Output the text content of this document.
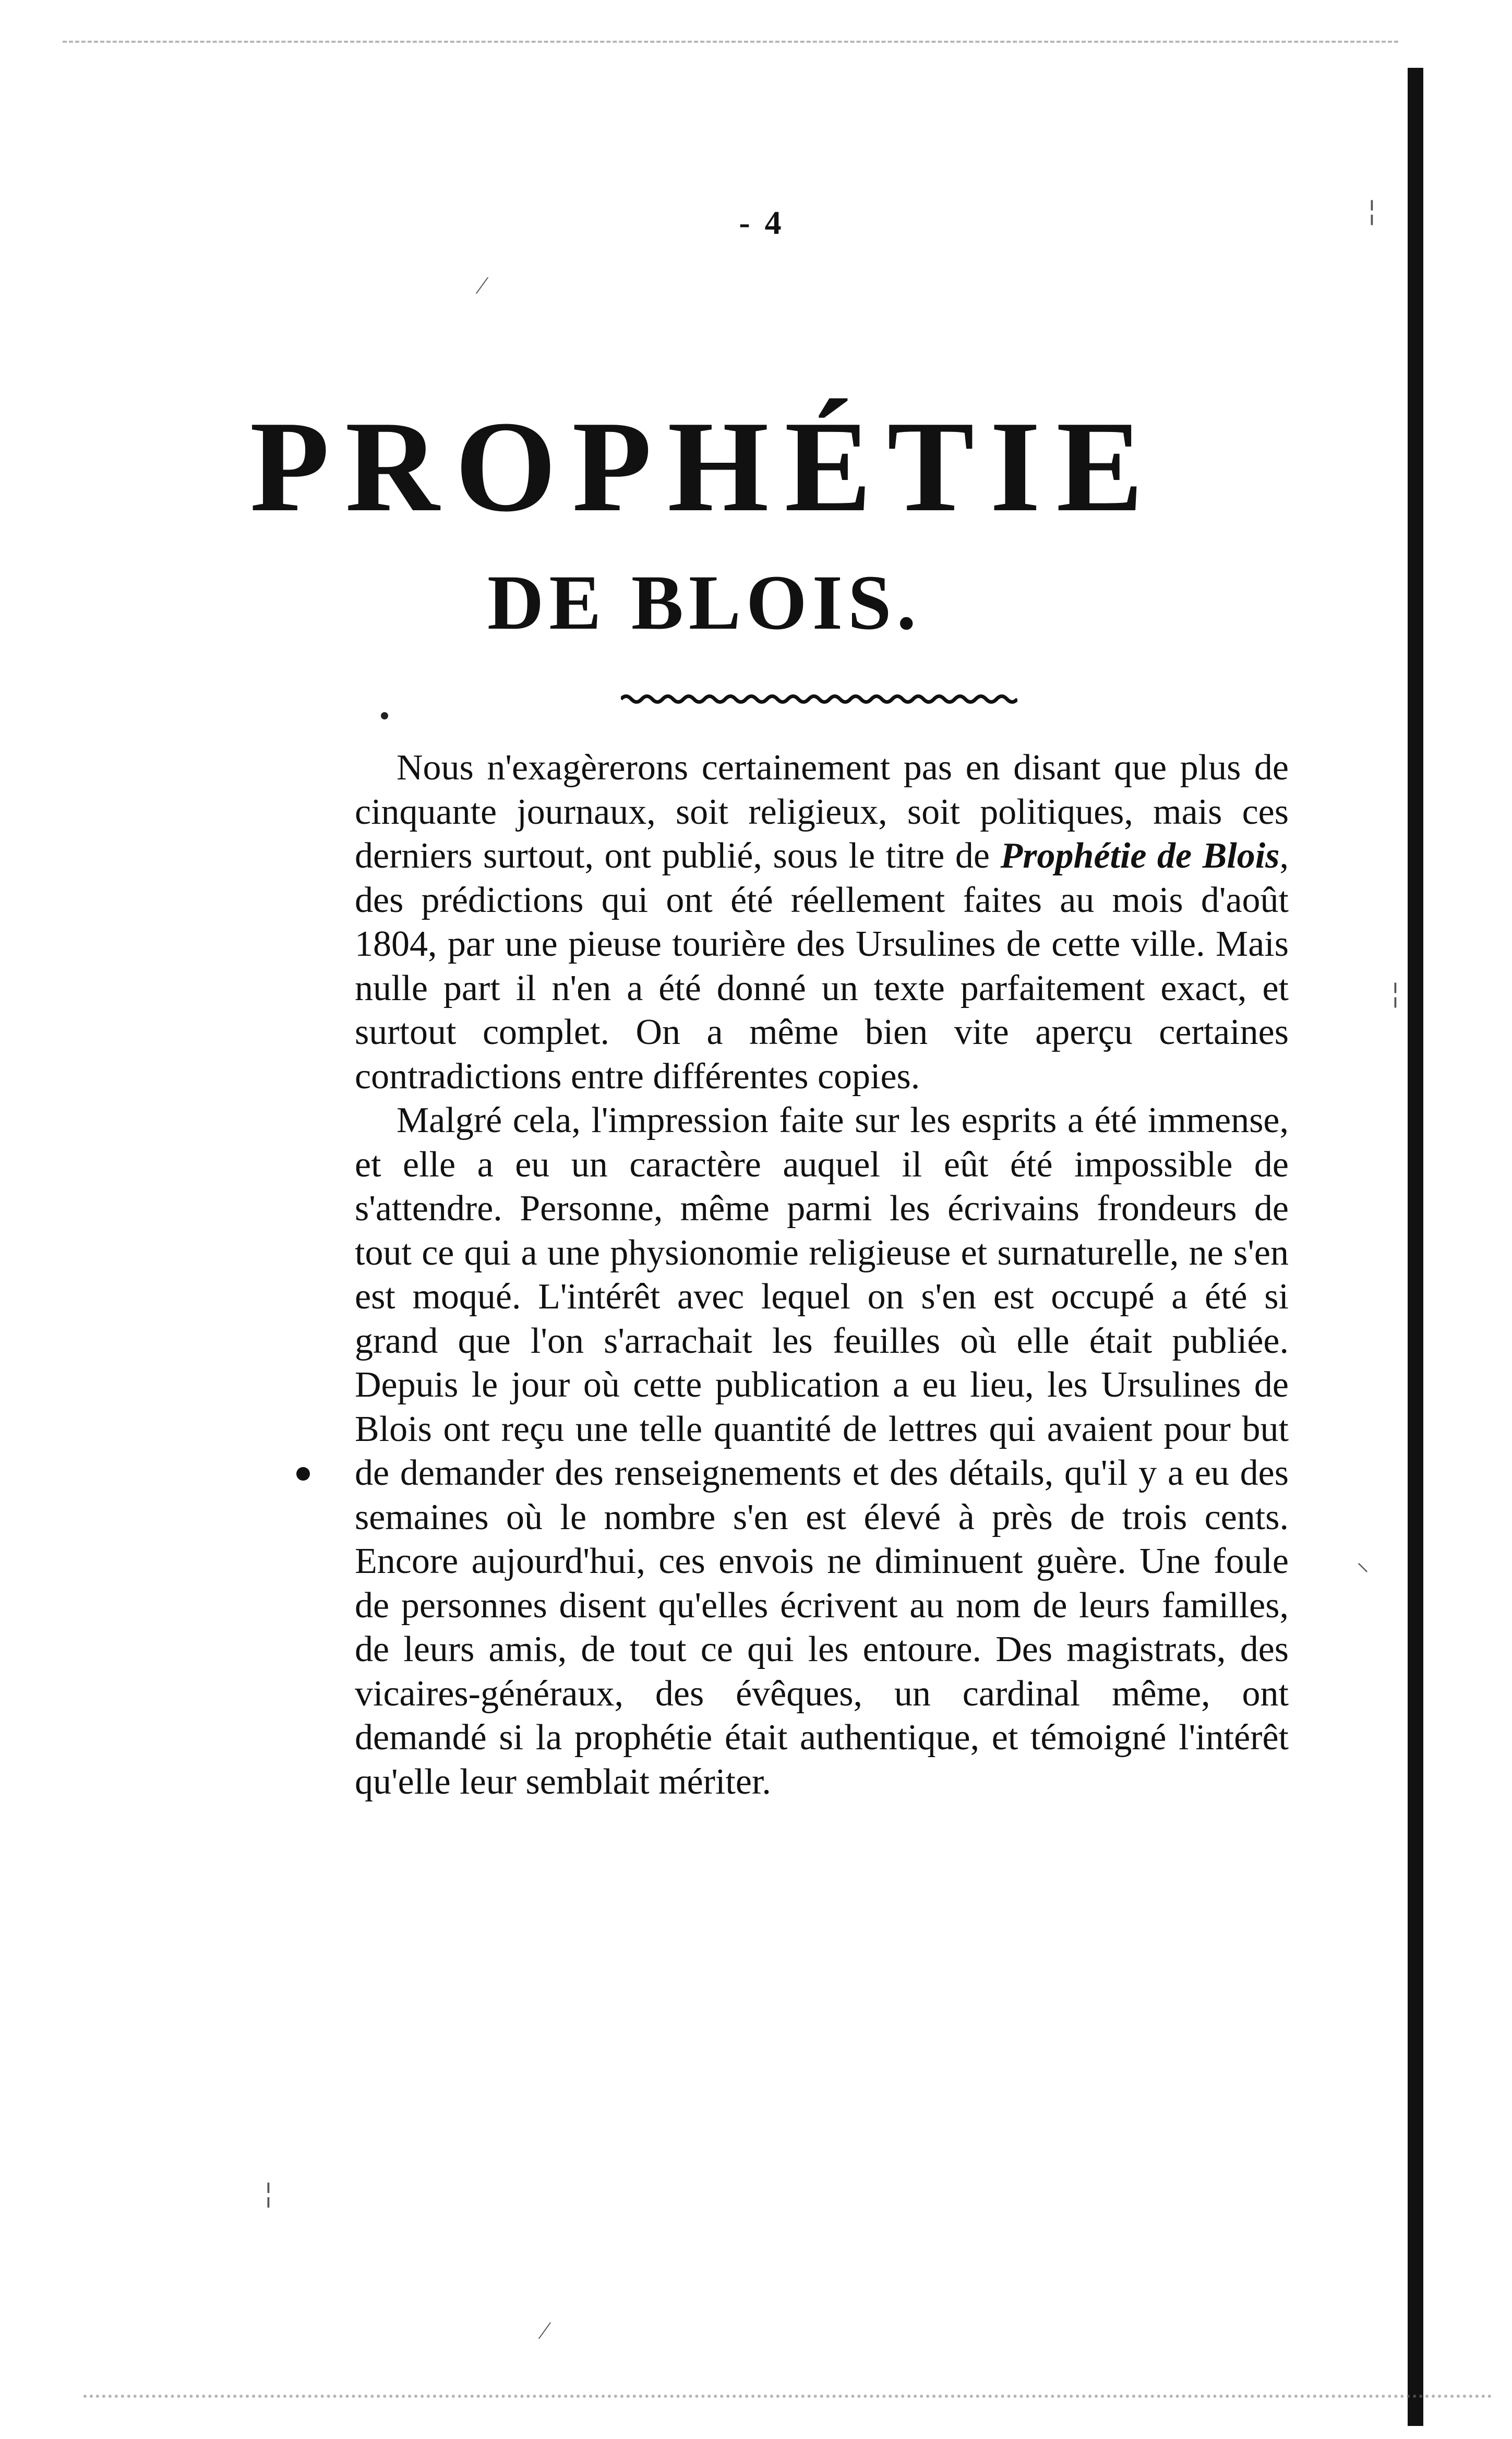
- 4
PROPHÉTIE
DE BLOIS.

Nous n'exagèrerons certainement pas en disant que plus de cinquante journaux, soit religieux, soit politiques, mais ces derniers surtout, ont publié, sous le titre de Prophétie de Blois, des prédictions qui ont été réellement faites au mois d'août 1804, par une pieuse tourière des Ursulines de cette ville. Mais nulle part il n'en a été donné un texte parfaitement exact, et surtout complet. On a même bien vite aperçu certaines contradictions entre différentes copies.

Malgré cela, l'impression faite sur les esprits a été immense, et elle a eu un caractère auquel il eût été impossible de s'attendre. Personne, même parmi les écrivains frondeurs de tout ce qui a une physionomie religieuse et surnaturelle, ne s'en est moqué. L'intérêt avec lequel on s'en est occupé a été si grand que l'on s'arrachait les feuilles où elle était publiée. Depuis le jour où cette publication a eu lieu, les Ursulines de Blois ont reçu une telle quantité de lettres qui avaient pour but de demander des renseignements et des détails, qu'il y a eu des semaines où le nombre s'en est élevé à près de trois cents. Encore aujourd'hui, ces envois ne diminuent guère. Une foule de personnes disent qu'elles écrivent au nom de leurs familles, de leurs amis, de tout ce qui les entoure. Des magistrats, des vicaires-généraux, des évêques, un cardinal même, ont demandé si la prophétie était authentique, et témoigné l'intérêt qu'elle leur semblait mériter.

╎
⁄
╎
⸌
╎
⁄
